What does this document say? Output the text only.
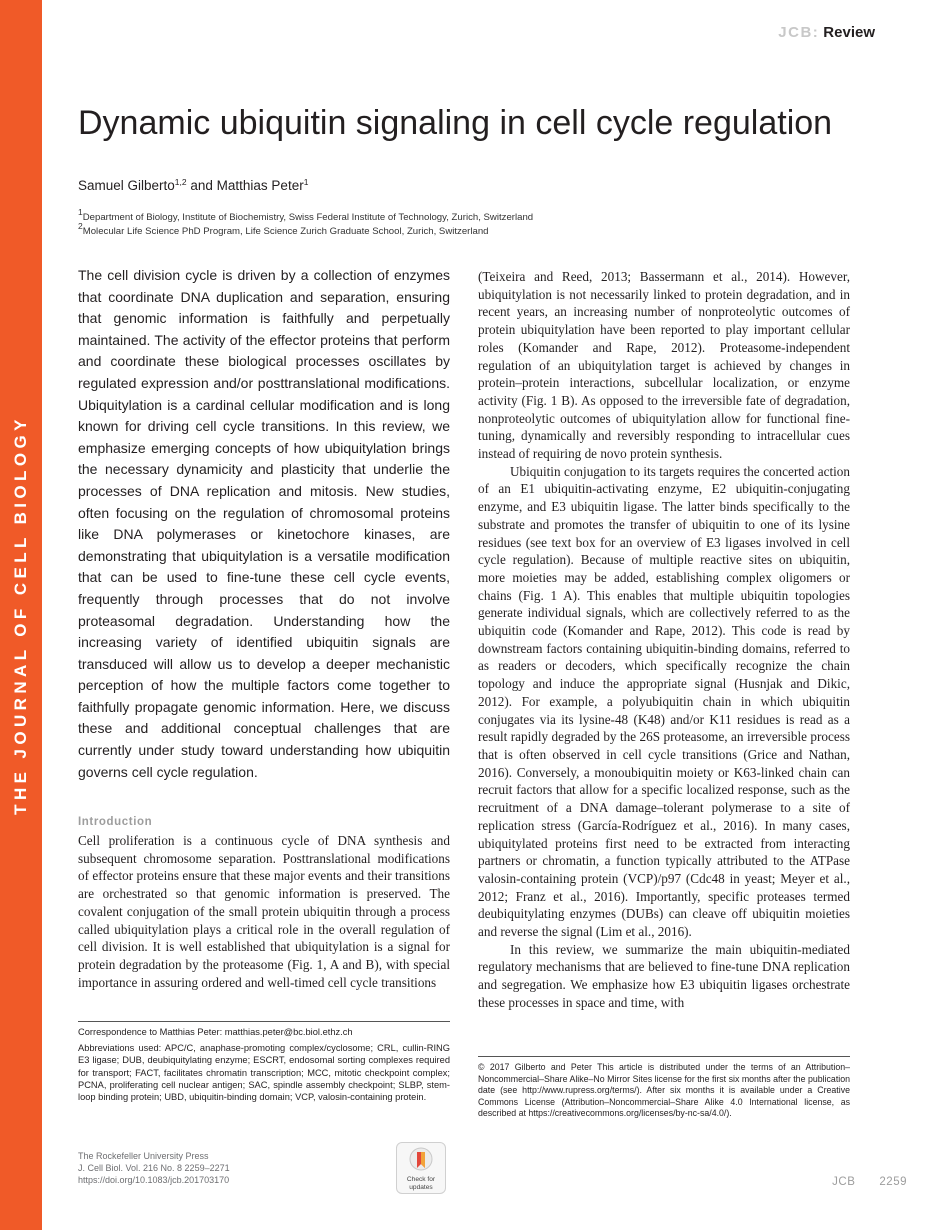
THE JOURNAL OF CELL BIOLOGY
JCB: Review
Dynamic ubiquitin signaling in cell cycle regulation
Samuel Gilberto$^{1,2}$ and Matthias Peter$^1$
$^1$Department of Biology, Institute of Biochemistry, Swiss Federal Institute of Technology, Zurich, Switzerland
$^2$Molecular Life Science PhD Program, Life Science Zurich Graduate School, Zurich, Switzerland

The cell division cycle is driven by a collection of enzymes that coordinate DNA duplication and separation, ensuring that genomic information is faithfully and perpetually maintained. The activity of the effector proteins that perform and coordinate these biological processes oscillates by regulated expression and/or posttranslational modifications. Ubiquitylation is a cardinal cellular modification and is long known for driving cell cycle transitions. In this review, we emphasize emerging concepts of how ubiquitylation brings the necessary dynamicity and plasticity that underlie the processes of DNA replication and mitosis. New studies, often focusing on the regulation of chromosomal proteins like DNA polymerases or kinetochore kinases, are demonstrating that ubiquitylation is a versatile modification that can be used to fine-tune these cell cycle events, frequently through processes that do not involve proteasomal degradation. Understanding how the increasing variety of identified ubiquitin signals are transduced will allow us to develop a deeper mechanistic perception of how the multiple factors come together to faithfully propagate genomic information. Here, we discuss these and additional conceptual challenges that are currently under study toward understanding how ubiquitin governs cell cycle regulation.

Introduction

Cell proliferation is a continuous cycle of DNA synthesis and subsequent chromosome separation. Posttranslational modifications of effector proteins ensure that these major events and their transitions are orchestrated so that genomic information is preserved. The covalent conjugation of the small protein ubiquitin through a process called ubiquitylation plays a critical role in the overall regulation of cell division. It is well established that ubiquitylation is a signal for protein degradation by the proteasome (Fig. 1, A and B), with special importance in assuring ordered and well-timed cell cycle transitions

(Teixeira and Reed, 2013; Bassermann et al., 2014). However, ubiquitylation is not necessarily linked to protein degradation, and in recent years, an increasing number of nonproteolytic outcomes of protein ubiquitylation have been reported to play important cellular roles (Komander and Rape, 2012). Proteasome-independent regulation of an ubiquitylation target is achieved by changes in protein–protein interactions, subcellular localization, or enzyme activity (Fig. 1 B). As opposed to the irreversible fate of degradation, nonproteolytic outcomes of ubiquitylation allow for functional fine-tuning, dynamically and reversibly responding to intracellular cues instead of requiring de novo protein synthesis.

Ubiquitin conjugation to its targets requires the concerted action of an E1 ubiquitin-activating enzyme, E2 ubiquitin-conjugating enzyme, and E3 ubiquitin ligase. The latter binds specifically to the substrate and promotes the transfer of ubiquitin to one of its lysine residues (see text box for an overview of E3 ligases involved in cell cycle regulation). Because of multiple reactive sites on ubiquitin, more moieties may be added, establishing complex oligomers or chains (Fig. 1 A). This enables that multiple ubiquitin topologies generate individual signals, which are collectively referred to as the ubiquitin code (Komander and Rape, 2012). This code is read by downstream factors containing ubiquitin-binding domains, referred to as readers or decoders, which specifically recognize the chain topology and induce the appropriate signal (Husnjak and Dikic, 2012). For example, a polyubiquitin chain in which ubiquitin conjugates via its lysine-48 (K48) and/or K11 residues is read as a result rapidly degraded by the 26S proteasome, an irreversible process that is often observed in cell cycle transitions (Grice and Nathan, 2016). Conversely, a monoubiquitin moiety or K63-linked chain can recruit factors that allow for a specific localized response, such as the recruitment of a DNA damage–tolerant polymerase to a site of replication stress (García-Rodríguez et al., 2016). In many cases, ubiquitylated proteins first need to be extracted from interacting partners or chromatin, a function typically attributed to the ATPase valosin-containing protein (VCP)/p97 (Cdc48 in yeast; Meyer et al., 2012; Franz et al., 2016). Importantly, specific proteases termed deubiquitylating enzymes (DUBs) can cleave off ubiquitin moieties and reverse the signal (Lim et al., 2016).

In this review, we summarize the main ubiquitin-mediated regulatory mechanisms that are believed to fine-tune DNA replication and segregation. We emphasize how E3 ubiquitin ligases orchestrate these processes in space and time, with

Correspondence to Matthias Peter: matthias.peter@bc.biol.ethz.ch

Abbreviations used: APC/C, anaphase-promoting complex/cyclosome; CRL, cullin-RING E3 ligase; DUB, deubiquitylating enzyme; ESCRT, endosomal sorting complexes required for transport; FACT, facilitates chromatin transcription; MCC, mitotic checkpoint complex; PCNA, proliferating cell nuclear antigen; SAC, spindle assembly checkpoint; SLBP, stem-loop binding protein; UBD, ubiquitin-binding domain; VCP, valosin-containing protein.

© 2017 Gilberto and Peter This article is distributed under the terms of an Attribution–Noncommercial–Share Alike–No Mirror Sites license for the first six months after the publication date (see http://www.rupress.org/terms/). After six months it is available under a Creative Commons License (Attribution–Noncommercial–Share Alike 4.0 International license, as described at https://creativecommons.org/licenses/by-nc-sa/4.0/).

The Rockefeller University Press
J. Cell Biol. Vol. 216 No. 8 2259–2271
https://doi.org/10.1083/jcb.201703170	Check for
updates	JCB 2259
